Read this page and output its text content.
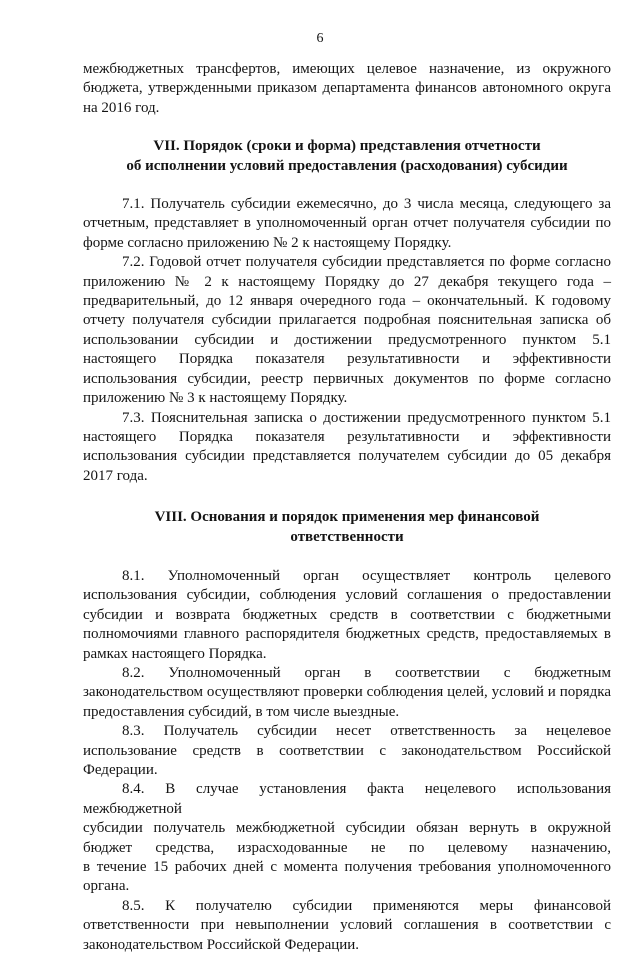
6

межбюджетных трансфертов, имеющих целевое назначение, из окружного

бюджета, утвержденными приказом департамента финансов автономного округа

на 2016 год.

VII. Порядок (сроки и форма) представления отчетности
об исполнении условий предоставления (расходования) субсидии

7.1. Получатель субсидии ежемесячно, до 3 числа месяца, следующего за

отчетным, представляет в уполномоченный орган отчет получателя субсидии по

форме согласно приложению № 2 к настоящему Порядку.

7.2. Годовой отчет получателя субсидии представляется по форме согласно

приложению № 2 к настоящему Порядку до 27 декабря текущего года –

предварительный, до 12 января очередного года – окончательный. К годовому

отчету получателя субсидии прилагается подробная пояснительная записка об

использовании субсидии и достижении предусмотренного пунктом 5.1

настоящего Порядка показателя результативности и эффективности

использования субсидии, реестр первичных документов по форме согласно

приложению № 3 к настоящему Порядку.

7.3. Пояснительная записка о достижении предусмотренного пунктом 5.1

настоящего Порядка показателя результативности и эффективности

использования субсидии представляется получателем субсидии до 05 декабря

2017 года.

VIII. Основания и порядок применения мер финансовой
ответственности

8.1. Уполномоченный орган осуществляет контроль целевого

использования субсидии, соблюдения условий соглашения о предоставлении

субсидии и возврата бюджетных средств в соответствии с бюджетными

полномочиями главного распорядителя бюджетных средств, предоставляемых в

рамках настоящего Порядка.

8.2. Уполномоченный орган в соответствии с бюджетным

законодательством осуществляют проверки соблюдения целей, условий и порядка

предоставления субсидий, в том числе выездные.

8.3. Получатель субсидии несет ответственность за нецелевое

использование средств в соответствии с законодательством Российской

Федерации.

8.4. В случае установления факта нецелевого использования межбюджетной

субсидии получатель межбюджетной субсидии обязан вернуть в окружной

бюджет средства, израсходованные не по целевому назначению,

в течение 15 рабочих дней с момента получения требования уполномоченного

органа.

8.5. К получателю субсидии применяются меры финансовой

ответственности при невыполнении условий соглашения в соответствии с

законодательством Российской Федерации.
